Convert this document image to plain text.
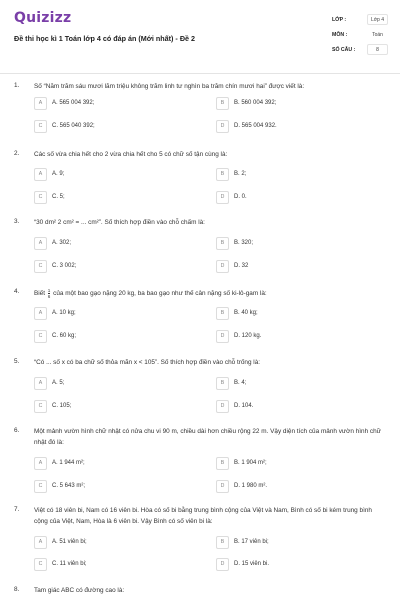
Quizizz
Đề thi học kì 1 Toán lớp 4 có đáp án (Mới nhất) - Đề 2
LỚP :	Lớp 4
MÔN :	Toán
SỐ CÂU :	8
1. Số “Năm trăm sáu mươi lăm triệu không trăm linh tư nghìn ba trăm chín mươi hai” được viết là:
A	A. 565 004 392;	B	B. 560 004 392;
C	C. 565 040 392;	D	D. 565 004 932.
2. Các số vừa chia hết cho 2 vừa chia hết cho 5 có chữ số tận cùng là:
A	A. 9;	B	B. 2;
C	C. 5;	D	D. 0.
3. “30 dm² 2 cm² = ... cm²”. Số thích hợp điền vào chỗ chấm là:
A	A. 302;	B	B. 320;
C	C. 3 002;	D	D. 32
4. Biết $\frac{1}{6}$ của một bao gạo nặng 20 kg, ba bao gạo như thế cân nặng số ki-lô-gam là:
A	A. 10 kg;	B	B. 40 kg;
C	C. 60 kg;	D	D. 120 kg.
5. “Có ... số x có ba chữ số thỏa mãn x < 105”. Số thích hợp điền vào chỗ trống là:
A	A. 5;	B	B. 4;
C	C. 105;	D	D. 104.
6. Một mảnh vườn hình chữ nhật có nửa chu vi 90 m, chiều dài hơn chiều rộng 22 m. Vậy diện tích của mảnh vườn hình chữ nhật đó là:
A	A. 1 944 m²;	B	B. 1 904 m²;
C	C. 5 643 m²;	D	D. 1 980 m².
7. Việt có 18 viên bi, Nam có 16 viên bi. Hòa có số bi bằng trung bình cộng của Việt và Nam, Bình có số bi kém trung bình cộng của Việt, Nam, Hòa là 6 viên bi. Vậy Bình có số viên bi là:
A	A. 51 viên bi;	B	B. 17 viên bi;
C	C. 11 viên bi;	D	D. 15 viên bi.
8. Tam giác ABC có đường cao là:
